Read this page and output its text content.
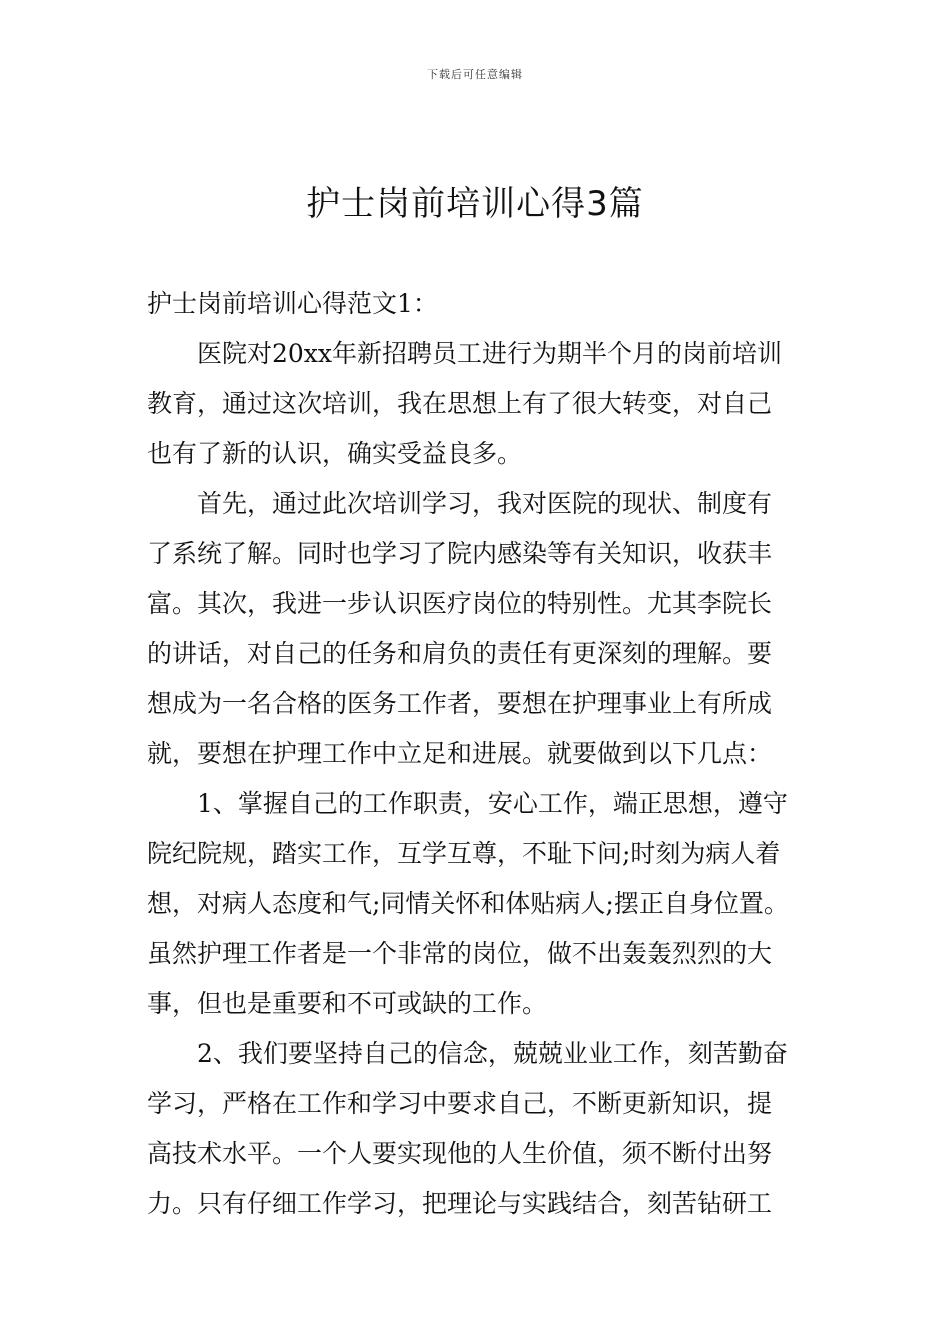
下载后可任意编辑
护士岗前培训心得3篇
护士岗前培训心得范文1：
医院对20xx年新招聘员工进行为期半个月的岗前培训
教育，通过这次培训，我在思想上有了很大转变，对自己
也有了新的认识，确实受益良多。
首先，通过此次培训学习，我对医院的现状、制度有
了系统了解。同时也学习了院内感染等有关知识，收获丰
富。其次，我进一步认识医疗岗位的特别性。尤其李院长
的讲话，对自己的任务和肩负的责任有更深刻的理解。要
想成为一名合格的医务工作者，要想在护理事业上有所成
就，要想在护理工作中立足和进展。就要做到以下几点：
1、掌握自己的工作职责，安心工作，端正思想，遵守
院纪院规，踏实工作，互学互尊，不耻下问;时刻为病人着
想，对病人态度和气;同情关怀和体贴病人;摆正自身位置。
虽然护理工作者是一个非常的岗位，做不出轰轰烈烈的大
事，但也是重要和不可或缺的工作。
2、我们要坚持自己的信念，兢兢业业工作，刻苦勤奋
学习，严格在工作和学习中要求自己，不断更新知识，提
高技术水平。一个人要实现他的人生价值，须不断付出努
力。只有仔细工作学习，把理论与实践结合，刻苦钻研工
